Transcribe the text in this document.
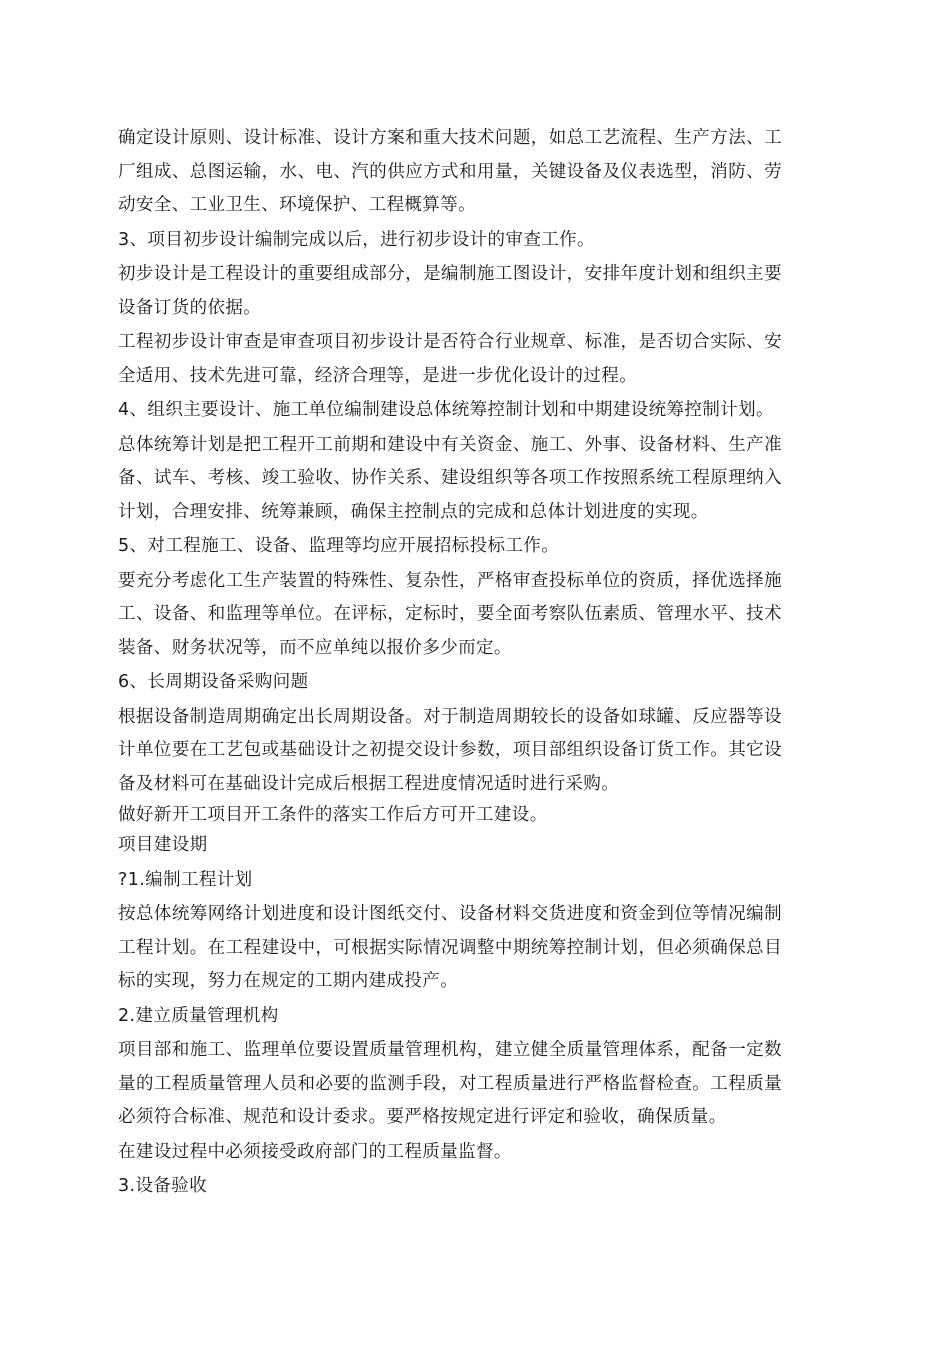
确定设计原则、设计标准、设计方案和重大技术问题，如总工艺流程、生产方法、工厂组成、总图运输，水、电、汽的供应方式和用量，关键设备及仪表选型，消防、劳动安全、工业卫生、环境保护、工程概算等。

3、项目初步设计编制完成以后，进行初步设计的审查工作。

初步设计是工程设计的重要组成部分，是编制施工图设计，安排年度计划和组织主要设备订货的依据。

工程初步设计审查是审查项目初步设计是否符合行业规章、标准，是否切合实际、安全适用、技术先进可靠，经济合理等，是进一步优化设计的过程。

4、组织主要设计、施工单位编制建设总体统筹控制计划和中期建设统筹控制计划。

总体统筹计划是把工程开工前期和建设中有关资金、施工、外事、设备材料、生产准备、试车、考核、竣工验收、协作关系、建设组织等各项工作按照系统工程原理纳入计划，合理安排、统筹兼顾，确保主控制点的完成和总体计划进度的实现。

5、对工程施工、设备、监理等均应开展招标投标工作。

要充分考虑化工生产装置的特殊性、复杂性，严格审查投标单位的资质，择优选择施工、设备、和监理等单位。在评标，定标时，要全面考察队伍素质、管理水平、技术装备、财务状况等，而不应单纯以报价多少而定。

6、长周期设备采购问题

根据设备制造周期确定出长周期设备。对于制造周期较长的设备如球罐、反应器等设计单位要在工艺包或基础设计之初提交设计参数，项目部组织设备订货工作。其它设备及材料可在基础设计完成后根据工程进度情况适时进行采购。

做好新开工项目开工条件的落实工作后方可开工建设。

项目建设期

?1.编制工程计划

按总体统筹网络计划进度和设计图纸交付、设备材料交货进度和资金到位等情况编制工程计划。在工程建设中，可根据实际情况调整中期统筹控制计划，但必须确保总目标的实现，努力在规定的工期内建成投产。

2.建立质量管理机构

项目部和施工、监理单位要设置质量管理机构，建立健全质量管理体系，配备一定数量的工程质量管理人员和必要的监测手段，对工程质量进行严格监督检查。工程质量必须符合标准、规范和设计委求。要严格按规定进行评定和验收，确保质量。

在建设过程中必须接受政府部门的工程质量监督。

3.设备验收
